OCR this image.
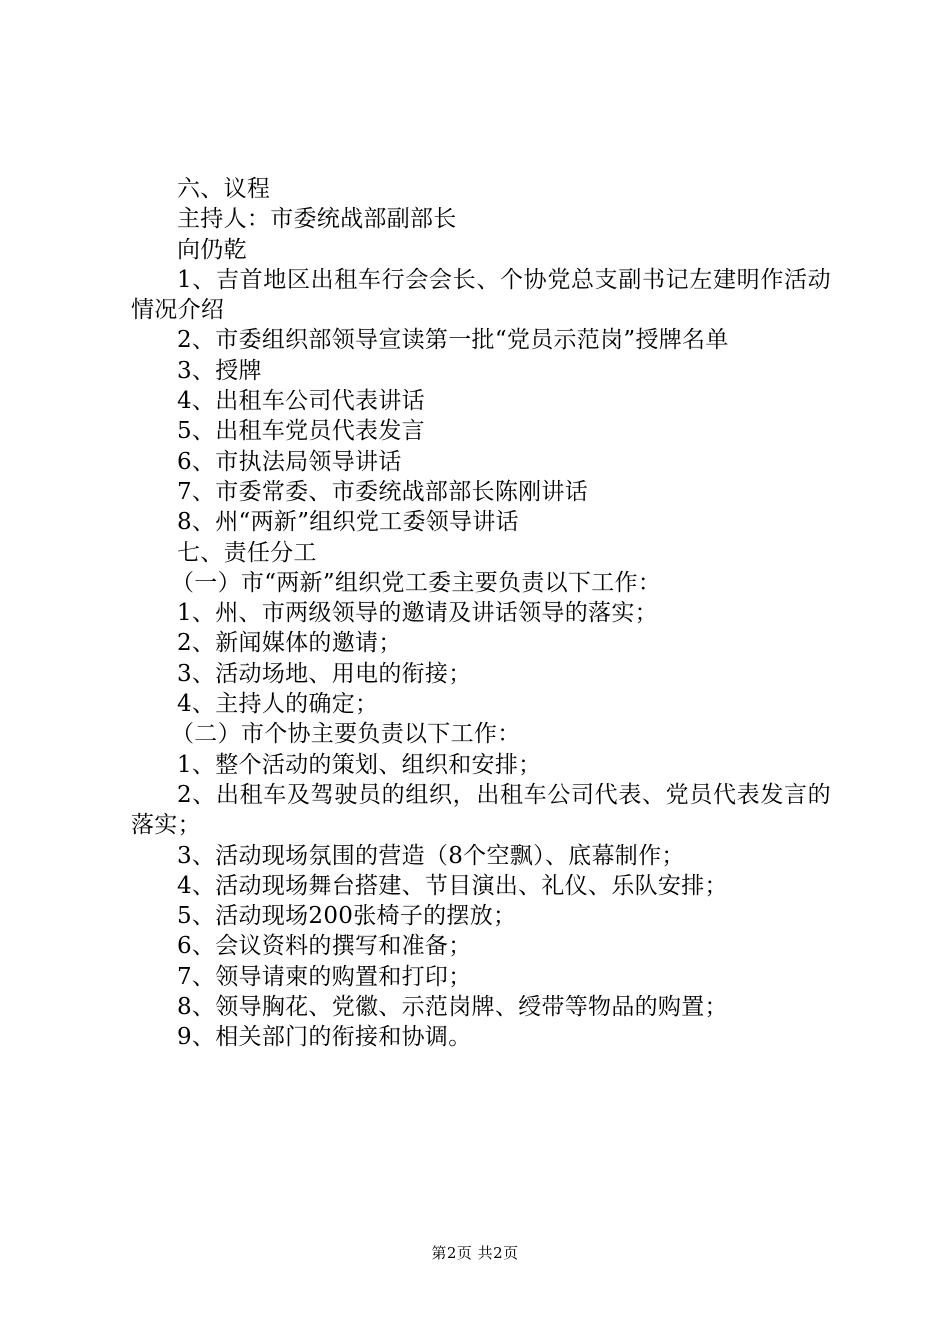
六、议程
主持人：市委统战部副部长
向仍乾
1、吉首地区出租车行会会长、个协党总支副书记左建明作活动情况介绍
2、市委组织部领导宣读第一批“党员示范岗”授牌名单
3、授牌
4、出租车公司代表讲话
5、出租车党员代表发言
6、市执法局领导讲话
7、市委常委、市委统战部部长陈刚讲话
8、州“两新”组织党工委领导讲话
七、责任分工
（一）市“两新”组织党工委主要负责以下工作：
1、州、市两级领导的邀请及讲话领导的落实；
2、新闻媒体的邀请；
3、活动场地、用电的衔接；
4、主持人的确定；
（二）市个协主要负责以下工作：
1、整个活动的策划、组织和安排；
2、出租车及驾驶员的组织，出租车公司代表、党员代表发言的落实；
3、活动现场氛围的营造（8个空飘）、底幕制作；
4、活动现场舞台搭建、节目演出、礼仪、乐队安排；
5、活动现场200张椅子的摆放；
6、会议资料的撰写和准备；
7、领导请柬的购置和打印；
8、领导胸花、党徽、示范岗牌、绶带等物品的购置；
9、相关部门的衔接和协调。
第2页 共2页
